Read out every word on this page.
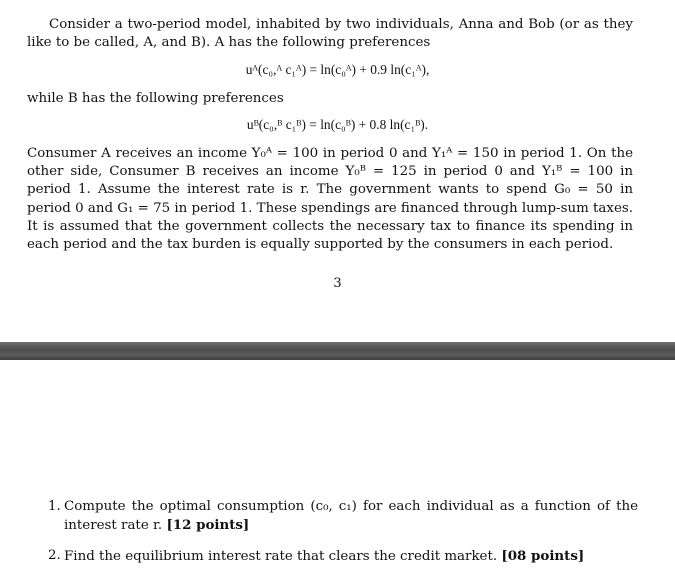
Consider a two-period model, inhabited by two individuals, Anna and Bob (or as they like to be called, A, and B). A has the following preferences

uᴬ(c₀,ᴬ c₁ᴬ) = ln(c₀ᴬ) + 0.9 ln(c₁ᴬ),

while B has the following preferences

uᴮ(c₀,ᴮ c₁ᴮ) = ln(c₀ᴮ) + 0.8 ln(c₁ᴮ).

Consumer A receives an income Y₀ᴬ = 100 in period 0 and Y₁ᴬ = 150 in period 1. On the other side, Consumer B receives an income Y₀ᴮ = 125 in period 0 and Y₁ᴮ = 100 in period 1. Assume the interest rate is r. The government wants to spend G₀ = 50 in period 0 and G₁ = 75 in period 1. These spendings are financed through lump-sum taxes. It is assumed that the government collects the necessary tax to finance its spending in each period and the tax burden is equally supported by the consumers in each period.

3
1. Compute the optimal consumption (c₀, c₁) for each individual as a function of the interest rate r. [12 points]
2. Find the equilibrium interest rate that clears the credit market. [08 points]
